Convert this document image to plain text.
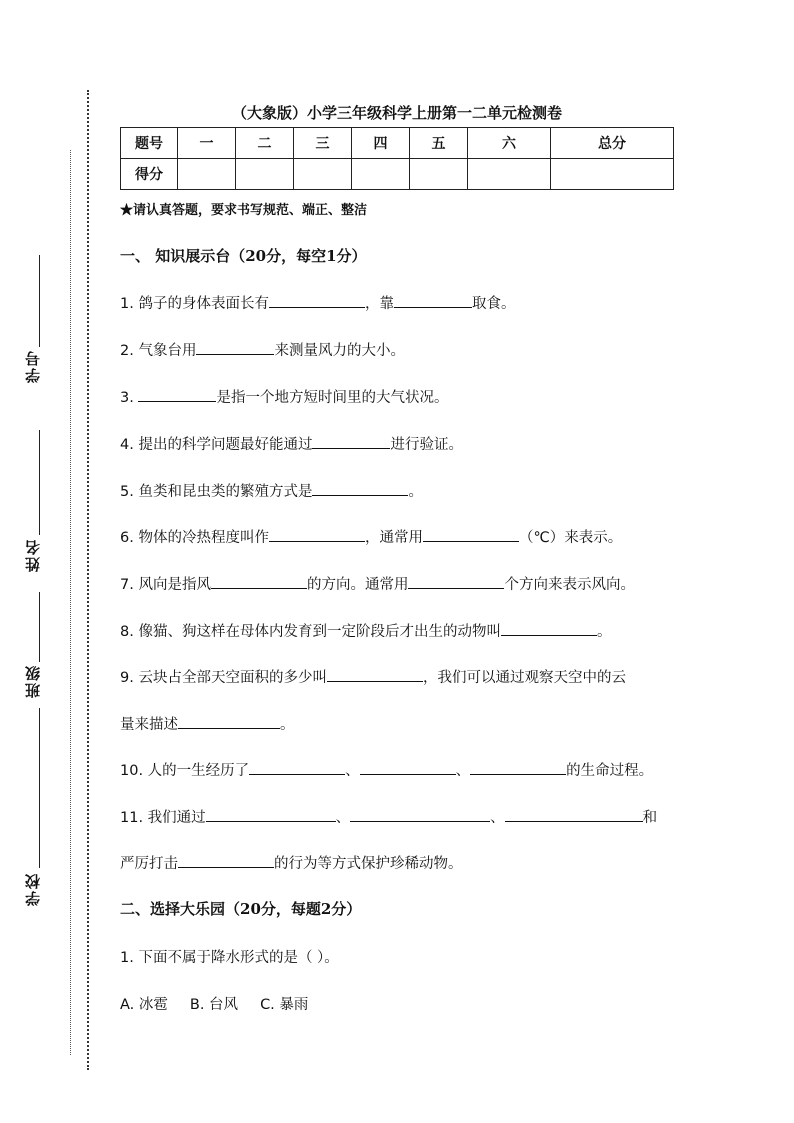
学号
姓名
班级
学校
（大象版）小学三年级科学上册第一二单元检测卷
题号	一	二	三	四	五	六	总分
得分							
★请认真答题，要求书写规范、端正、整洁
一、 知识展示台（20分，每空1分）
1. 鸽子的身体表面长有	，靠	取食。
2. 气象台用	来测量风力的大小。
3.	是指一个地方短时间里的大气状况。
4. 提出的科学问题最好能通过	进行验证。
5. 鱼类和昆虫类的繁殖方式是	。
6. 物体的冷热程度叫作	，通常用	（℃）来表示。
7. 风向是指风	的方向。通常用	个方向来表示风向。
8. 像猫、狗这样在母体内发育到一定阶段后才出生的动物叫	。
9. 云块占全部天空面积的多少叫	，我们可以通过观察天空中的云
量来描述	。
10. 人的一生经历了	、	、	的生命过程。
11. 我们通过	、	、	和
严厉打击	的行为等方式保护珍稀动物。
二、选择大乐园（20分，每题2分）
1. 下面不属于降水形式的是（ ）。
A. 冰雹 B. 台风 C. 暴雨
